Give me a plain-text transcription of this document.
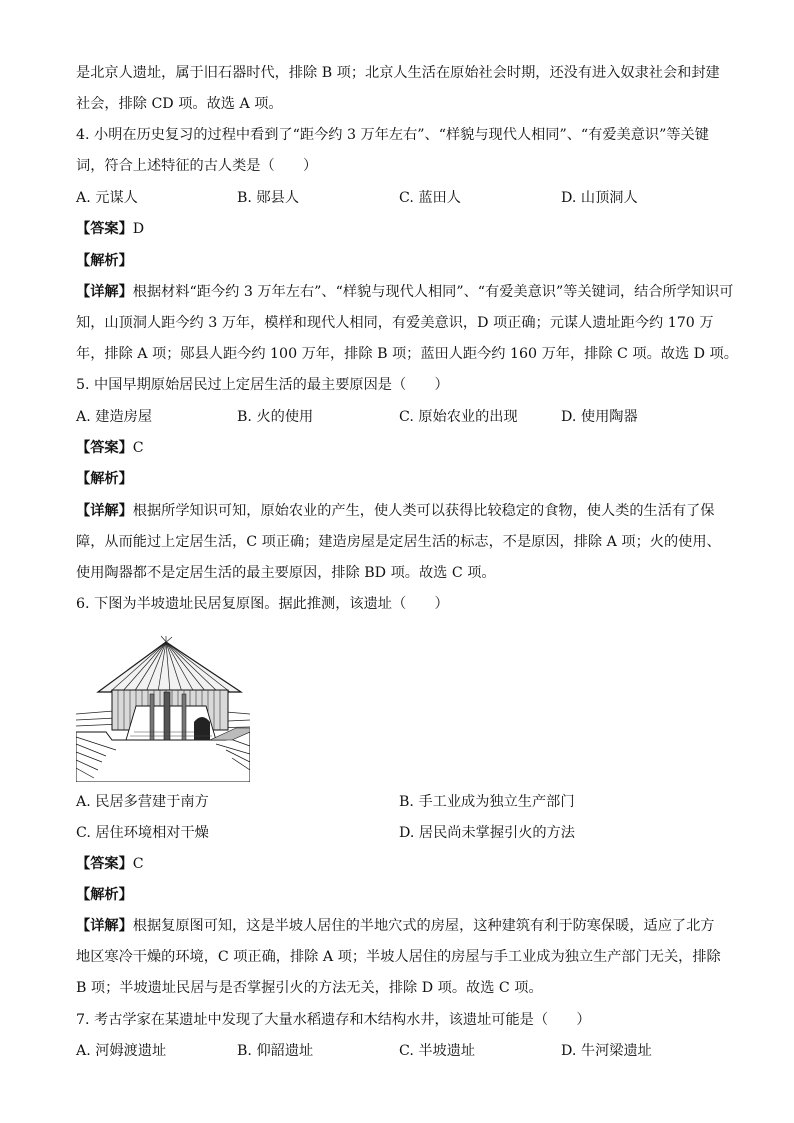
是北京人遗址，属于旧石器时代，排除 B 项；北京人生活在原始社会时期，还没有进入奴隶社会和封建
社会，排除 CD 项。故选 A 项。
4. 小明在历史复习的过程中看到了“距今约 3 万年左右”、“样貌与现代人相同”、“有爱美意识”等关键
词，符合上述特征的古人类是（　　）
A. 元谋人	B. 郧县人	C. 蓝田人	D. 山顶洞人
【答案】D
【解析】
【详解】根据材料“距今约 3 万年左右”、“样貌与现代人相同”、“有爱美意识”等关键词，结合所学知识可
知，山顶洞人距今约 3 万年，模样和现代人相同，有爱美意识，D 项正确；元谋人遗址距今约 170 万
年，排除 A 项；郧县人距今约 100 万年，排除 B 项；蓝田人距今约 160 万年，排除 C 项。故选 D 项。
5. 中国早期原始居民过上定居生活的最主要原因是（　　）
A. 建造房屋	B. 火的使用	C. 原始农业的出现	D. 使用陶器
【答案】C
【解析】
【详解】根据所学知识可知，原始农业的产生，使人类可以获得比较稳定的食物，使人类的生活有了保
障，从而能过上定居生活，C 项正确；建造房屋是定居生活的标志，不是原因，排除 A 项；火的使用、
使用陶器都不是定居生活的最主要原因，排除 BD 项。故选 C 项。
6. 下图为半坡遗址民居复原图。据此推测，该遗址（　　）
A. 民居多营建于南方	B. 手工业成为独立生产部门
C. 居住环境相对干燥	D. 居民尚未掌握引火的方法
【答案】C
【解析】
【详解】根据复原图可知，这是半坡人居住的半地穴式的房屋，这种建筑有利于防寒保暖，适应了北方
地区寒冷干燥的环境，C 项正确，排除 A 项；半坡人居住的房屋与手工业成为独立生产部门无关，排除
B 项；半坡遗址民居与是否掌握引火的方法无关，排除 D 项。故选 C 项。
7. 考古学家在某遗址中发现了大量水稻遗存和木结构水井，该遗址可能是（　　）
A. 河姆渡遗址	B. 仰韶遗址	C. 半坡遗址	D. 牛河梁遗址
